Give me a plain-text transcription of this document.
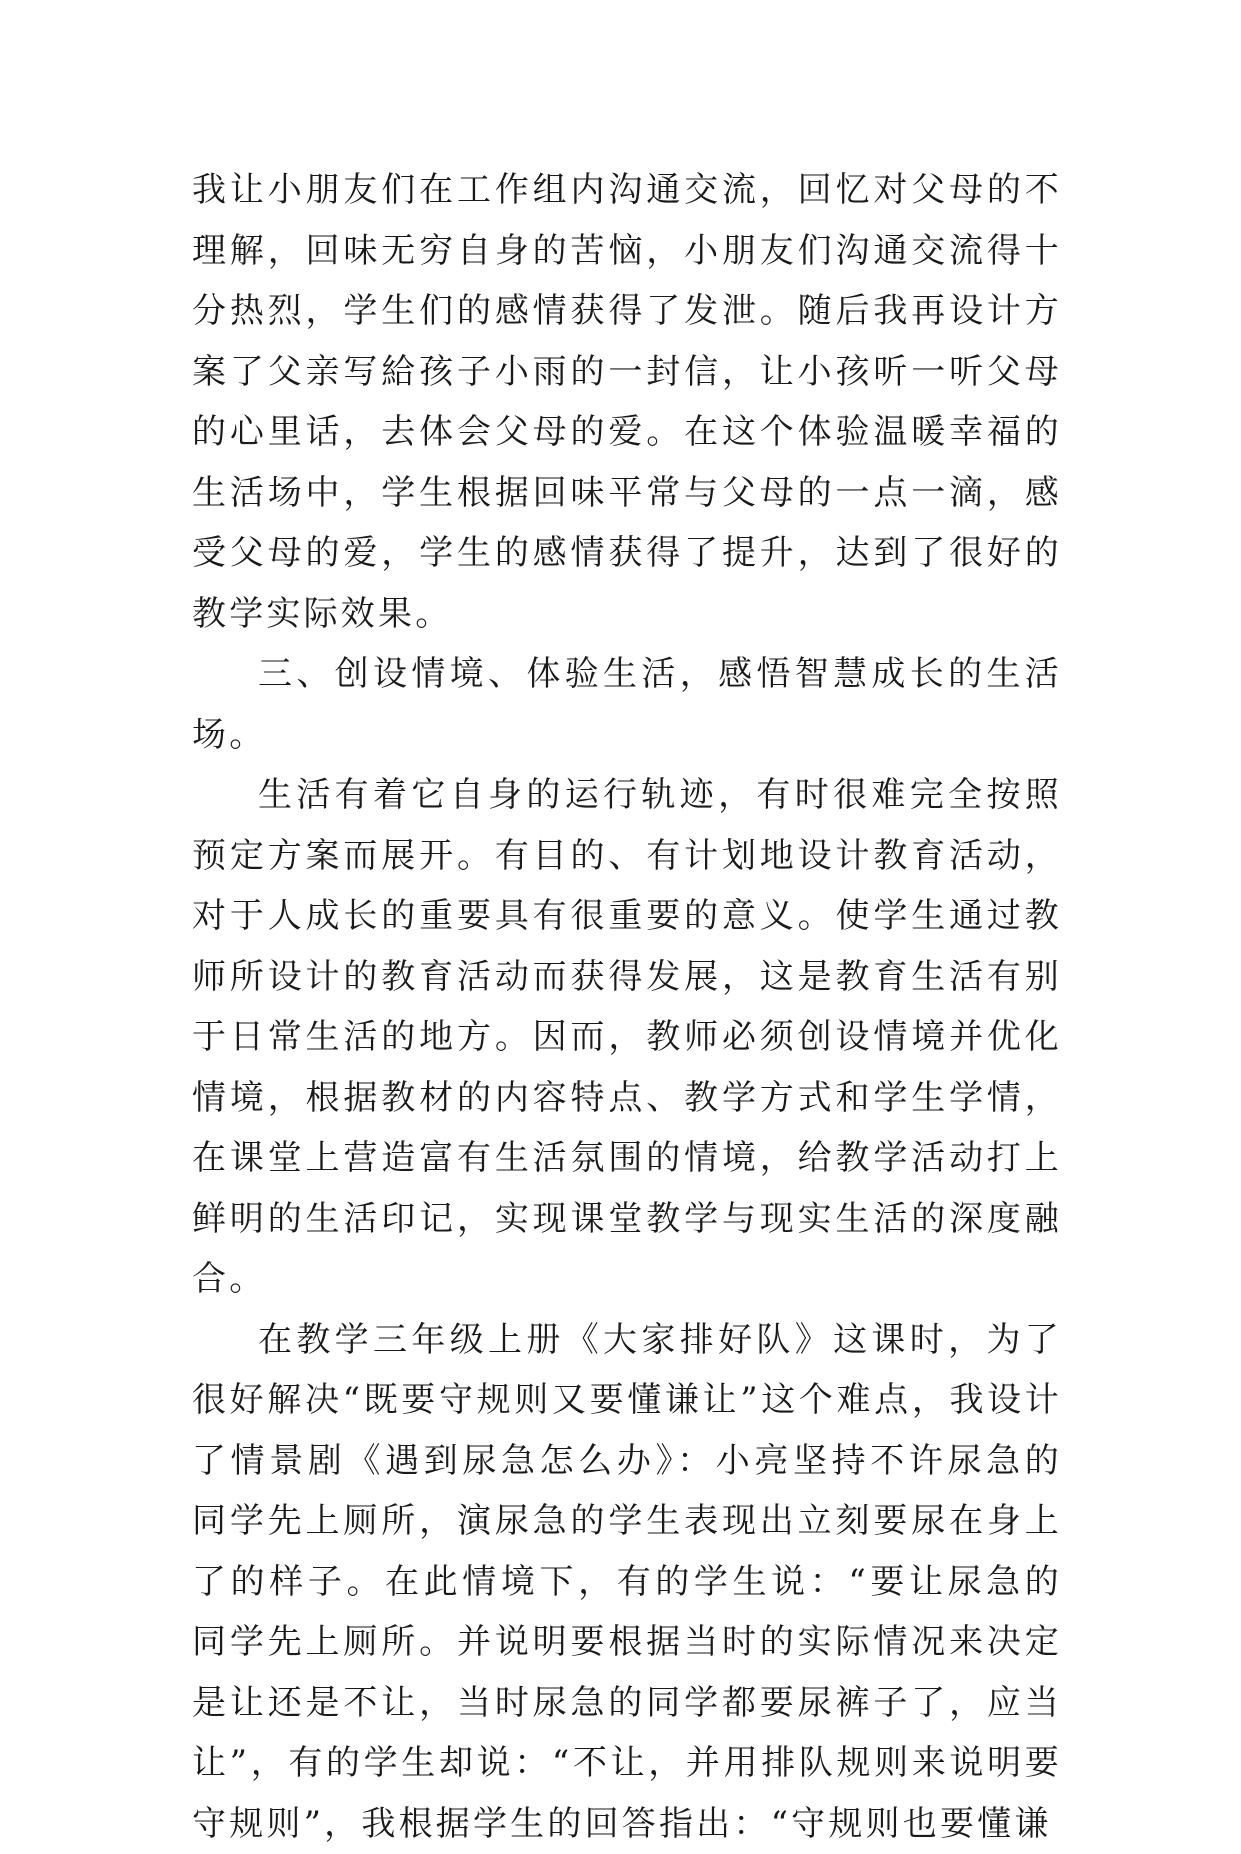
我让小朋友们在工作组内沟通交流，回忆对父母的不理解，回味无穷自身的苦恼，小朋友们沟通交流得十分热烈，学生们的感情获得了发泄。随后我再设计方案了父亲写給孩子小雨的一封信，让小孩听一听父母的心里话，去体会父母的爱。在这个体验温暖幸福的生活场中，学生根据回味平常与父母的一点一滴，感受父母的爱，学生的感情获得了提升，达到了很好的教学实际效果。

三、创设情境、体验生活，感悟智慧成长的生活场。

生活有着它自身的运行轨迹，有时很难完全按照预定方案而展开。有目的、有计划地设计教育活动，对于人成长的重要具有很重要的意义。使学生通过教师所设计的教育活动而获得发展，这是教育生活有别于日常生活的地方。因而，教师必须创设情境并优化情境，根据教材的内容特点、教学方式和学生学情，在课堂上营造富有生活氛围的情境，给教学活动打上鲜明的生活印记，实现课堂教学与现实生活的深度融合。

在教学三年级上册《大家排好队》这课时，为了很好解决“既要守规则又要懂谦让”这个难点，我设计了情景剧《遇到尿急怎么办》：小亮坚持不许尿急的同学先上厕所，演尿急的学生表现出立刻要尿在身上了的样子。在此情境下，有的学生说：“要让尿急的同学先上厕所。并说明要根据当时的实际情况来决定是让还是不让，当时尿急的同学都要尿裤子了，应当让”，有的学生却说：“不让，并用排队规则来说明要守规则”，我根据学生的回答指出：“守规则也要懂谦
